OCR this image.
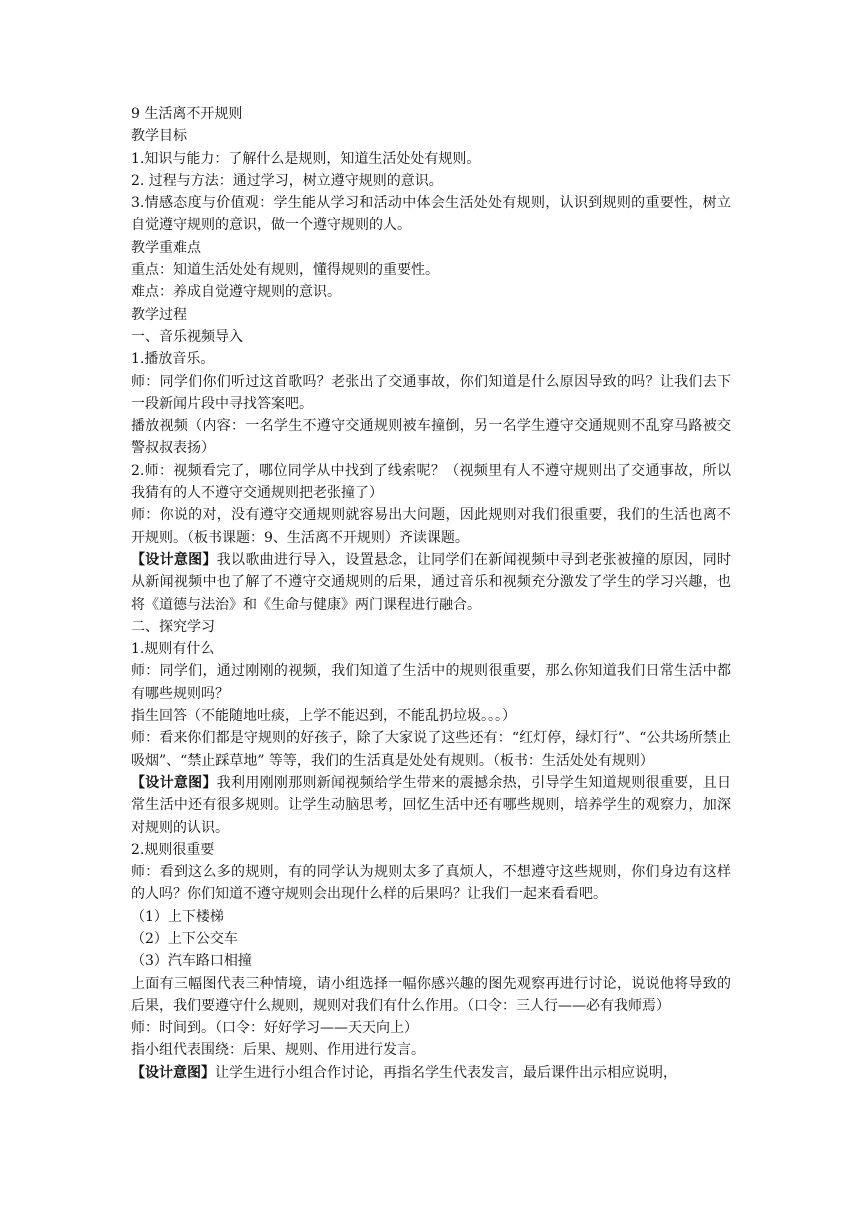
9 生活离不开规则

教学目标

1.知识与能力：了解什么是规则，知道生活处处有规则。

2. 过程与方法：通过学习，树立遵守规则的意识。

3.情感态度与价值观：学生能从学习和活动中体会生活处处有规则，认识到规则的重要性，树立自觉遵守规则的意识，做一个遵守规则的人。

教学重难点

重点：知道生活处处有规则，懂得规则的重要性。

难点：养成自觉遵守规则的意识。

教学过程

一、音乐视频导入

1.播放音乐。

师：同学们你们听过这首歌吗？老张出了交通事故，你们知道是什么原因导致的吗？让我们去下一段新闻片段中寻找答案吧。

播放视频（内容：一名学生不遵守交通规则被车撞倒，另一名学生遵守交通规则不乱穿马路被交警叔叔表扬）

2.师：视频看完了，哪位同学从中找到了线索呢？（视频里有人不遵守规则出了交通事故，所以我猜有的人不遵守交通规则把老张撞了）

师：你说的对，没有遵守交通规则就容易出大问题，因此规则对我们很重要，我们的生活也离不开规则。（板书课题：9、生活离不开规则）齐读课题。

【设计意图】我以歌曲进行导入，设置悬念，让同学们在新闻视频中寻到老张被撞的原因，同时从新闻视频中也了解了不遵守交通规则的后果，通过音乐和视频充分激发了学生的学习兴趣，也将《道德与法治》和《生命与健康》两门课程进行融合。

二、探究学习

1.规则有什么

师：同学们，通过刚刚的视频，我们知道了生活中的规则很重要，那么你知道我们日常生活中都有哪些规则吗？

指生回答（不能随地吐痰，上学不能迟到，不能乱扔垃圾。。。）

师：看来你们都是守规则的好孩子，除了大家说了这些还有：“红灯停，绿灯行”、“公共场所禁止吸烟”、“禁止踩草地” 等等，我们的生活真是处处有规则。（板书：生活处处有规则）

【设计意图】我利用刚刚那则新闻视频给学生带来的震撼余热，引导学生知道规则很重要，且日常生活中还有很多规则。让学生动脑思考，回忆生活中还有哪些规则，培养学生的观察力，加深对规则的认识。

2.规则很重要

师：看到这么多的规则，有的同学认为规则太多了真烦人，不想遵守这些规则，你们身边有这样的人吗？你们知道不遵守规则会出现什么样的后果吗？让我们一起来看看吧。

（1）上下楼梯

（2）上下公交车

（3）汽车路口相撞

上面有三幅图代表三种情境，请小组选择一幅你感兴趣的图先观察再进行讨论，说说他将导致的后果，我们要遵守什么规则，规则对我们有什么作用。（口令：三人行——必有我师焉）

师：时间到。（口令：好好学习——天天向上）

指小组代表围绕：后果、规则、作用进行发言。

【设计意图】让学生进行小组合作讨论，再指名学生代表发言，最后课件出示相应说明，
